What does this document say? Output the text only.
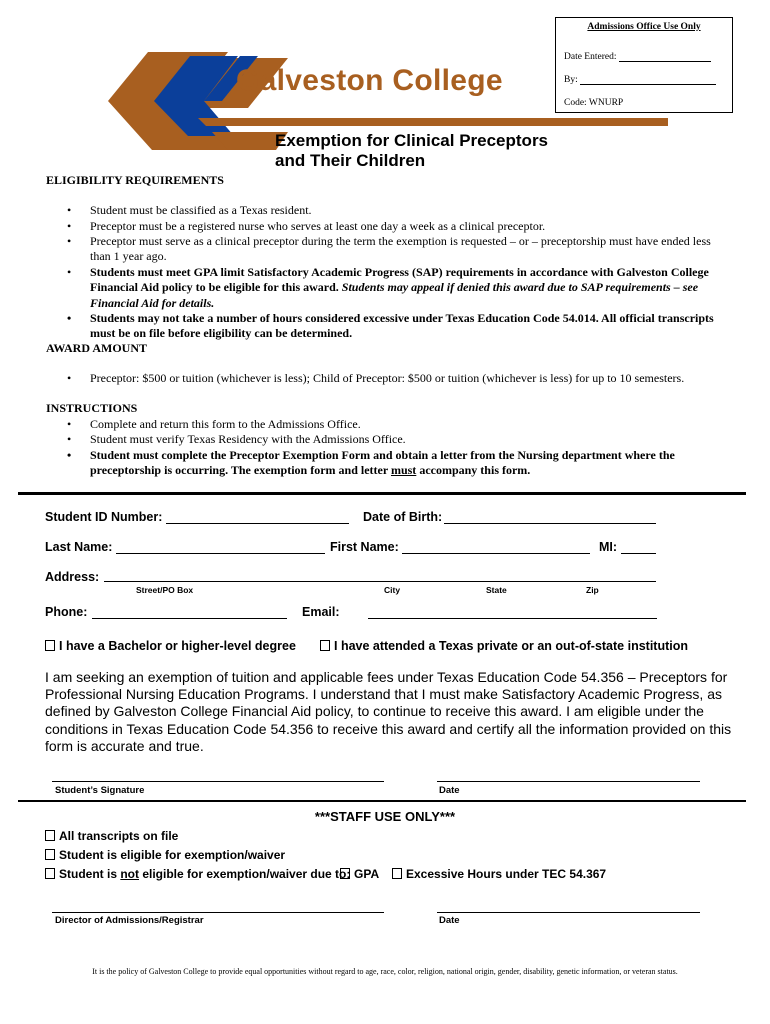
Admissions Office Use Only
Date Entered:
By:
Code: WNURP
Galveston College
Exemption for Clinical Preceptors
and Their Children
ELIGIBILITY REQUIREMENTS
• Student must be classified as a Texas resident.
• Preceptor must be a registered nurse who serves at least one day a week as a clinical preceptor.
• Preceptor must serve as a clinical preceptor during the term the exemption is requested – or – preceptorship must have ended less than 1 year ago.
• Students must meet GPA limit Satisfactory Academic Progress (SAP) requirements in accordance with Galveston College Financial Aid policy to be eligible for this award. Students may appeal if denied this award due to SAP requirements – see Financial Aid for details.
• Students may not take a number of hours considered excessive under Texas Education Code 54.014. All official transcripts must be on file before eligibility can be determined.
AWARD AMOUNT
• Preceptor: $500 or tuition (whichever is less); Child of Preceptor: $500 or tuition (whichever is less) for up to 10 semesters.
INSTRUCTIONS
• Complete and return this form to the Admissions Office.
• Student must verify Texas Residency with the Admissions Office.
• Student must complete the Preceptor Exemption Form and obtain a letter from the Nursing department where the preceptorship is occurring. The exemption form and letter must accompany this form.
Student ID Number:	Date of Birth:
Last Name:	First Name:	MI:
Address:
Street/PO Box	City	State	Zip
Phone:	Email:
I have a Bachelor or higher-level degree	I have attended a Texas private or an out-of-state institution
I am seeking an exemption of tuition and applicable fees under Texas Education Code 54.356 – Preceptors for Professional Nursing Education Programs. I understand that I must make Satisfactory Academic Progress, as defined by Galveston College Financial Aid policy, to continue to receive this award. I am eligible under the conditions in Texas Education Code 54.356 to receive this award and certify all the information provided on this form is accurate and true.
Student’s Signature	Date
***STAFF USE ONLY***
All transcripts on file
Student is eligible for exemption/waiver
Student is not eligible for exemption/waiver due to: GPA	Excessive Hours under TEC 54.367
Director of Admissions/Registrar	Date
It is the policy of Galveston College to provide equal opportunities without regard to age, race, color, religion, national origin, gender, disability, genetic information, or veteran status.
